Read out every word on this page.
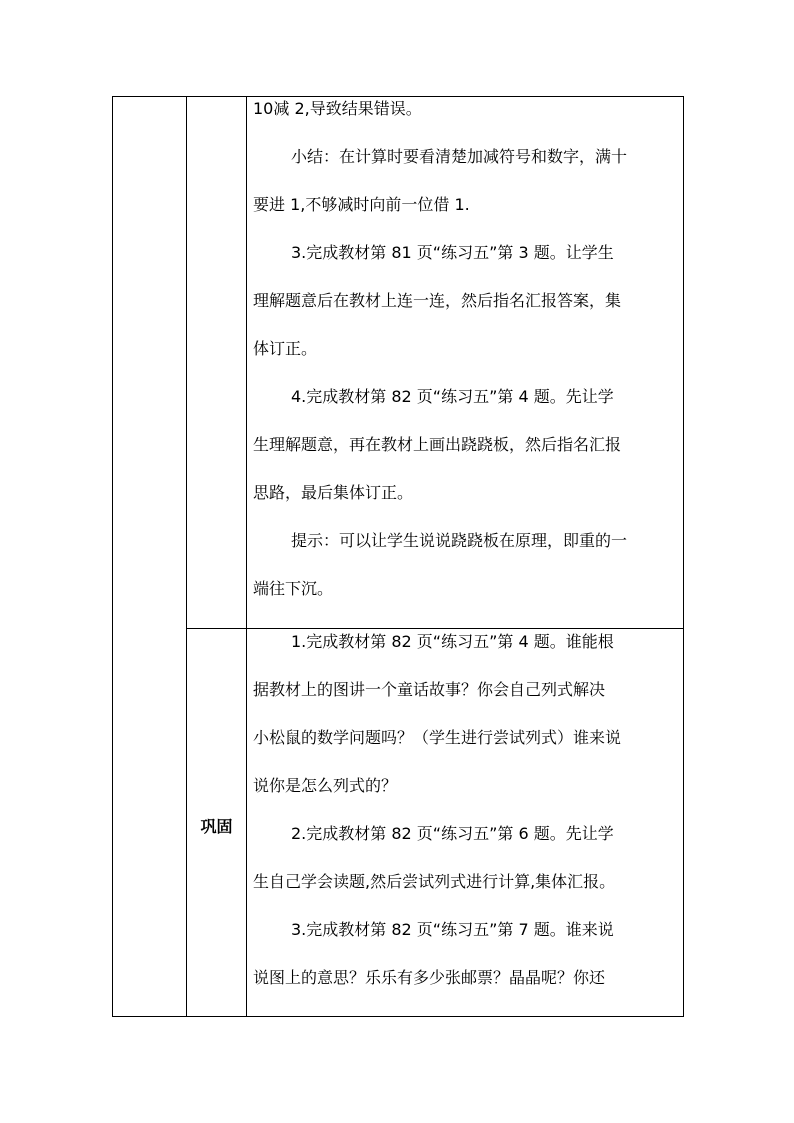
10减 2,导致结果错误。

小结：在计算时要看清楚加减符号和数字，满十

要进 1,不够减时向前一位借 1.

3.完成教材第 81 页“练习五”第 3 题。让学生

理解题意后在教材上连一连，然后指名汇报答案，集

体订正。

4.完成教材第 82 页“练习五”第 4 题。先让学

生理解题意，再在教材上画出跷跷板，然后指名汇报

思路，最后集体订正。

提示：可以让学生说说跷跷板在原理，即重的一

端往下沉。

巩固

1.完成教材第 82 页“练习五”第 4 题。谁能根

据教材上的图讲一个童话故事？你会自己列式解决

小松鼠的数学问题吗？（学生进行尝试列式）谁来说

说你是怎么列式的？

2.完成教材第 82 页“练习五”第 6 题。先让学

生自己学会读题,然后尝试列式进行计算,集体汇报。

3.完成教材第 82 页“练习五”第 7 题。谁来说

说图上的意思？乐乐有多少张邮票？晶晶呢？你还
